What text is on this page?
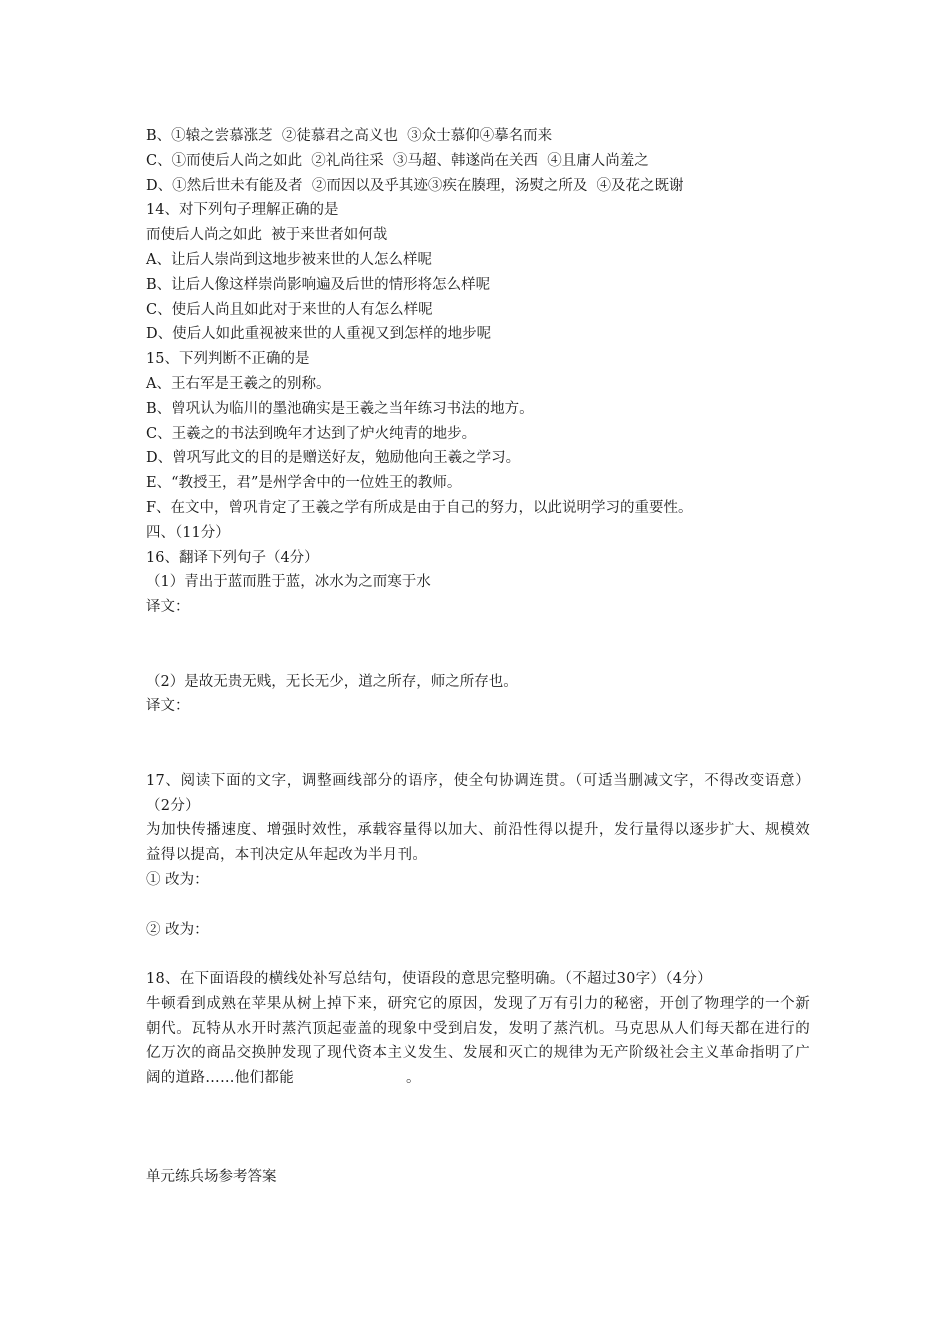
B、①辕之尝慕涨芝  ②徒慕君之高义也  ③众士慕仰④摹名而来
C、①而使后人尚之如此  ②礼尚往采  ③马超、韩遂尚在关西  ④且庸人尚羞之
D、①然后世未有能及者  ②而因以及乎其迹③疾在腠理，汤熨之所及  ④及花之既谢
14、对下列句子理解正确的是
而使后人尚之如此  被于来世者如何哉
A、让后人崇尚到这地步被来世的人怎么样呢
B、让后人像这样崇尚影响遍及后世的情形将怎么样呢
C、使后人尚且如此对于来世的人有怎么样呢
D、使后人如此重视被来世的人重视又到怎样的地步呢
15、下列判断不正确的是
A、王右军是王羲之的别称。
B、曾巩认为临川的墨池确实是王羲之当年练习书法的地方。
C、王羲之的书法到晚年才达到了炉火纯青的地步。
D、曾巩写此文的目的是赠送好友，勉励他向王羲之学习。
E、“教授王，君”是州学舍中的一位姓王的教师。
F、在文中，曾巩肯定了王羲之学有所成是由于自己的努力，以此说明学习的重要性。
四、（11分）
16、翻译下列句子（4分）
（1）青出于蓝而胜于蓝，冰水为之而寒于水
译文：
（2）是故无贵无贱，无长无少，道之所存，师之所存也。
译文：
17、阅读下面的文字，调整画线部分的语序，使全句协调连贯。（可适当删减文字，不得改变语意）（2分）
为加快传播速度、增强时效性，承载容量得以加大、前沿性得以提升，发行量得以逐步扩大、规模效益得以提高，本刊决定从年起改为半月刊。
① 改为：
② 改为：
18、在下面语段的横线处补写总结句，使语段的意思完整明确。（不超过30字）（4分）
牛顿看到成熟在苹果从树上掉下来，研究它的原因，发现了万有引力的秘密，开创了物理学的一个新朝代。瓦特从水开时蒸汽顶起壶盖的现象中受到启发，发明了蒸汽机。马克思从人们每天都在进行的亿万次的商品交换肿发现了现代资本主义发生、发展和灭亡的规律为无产阶级社会主义革命指明了广阔的道路……他们都能	。
单元练兵场参考答案
